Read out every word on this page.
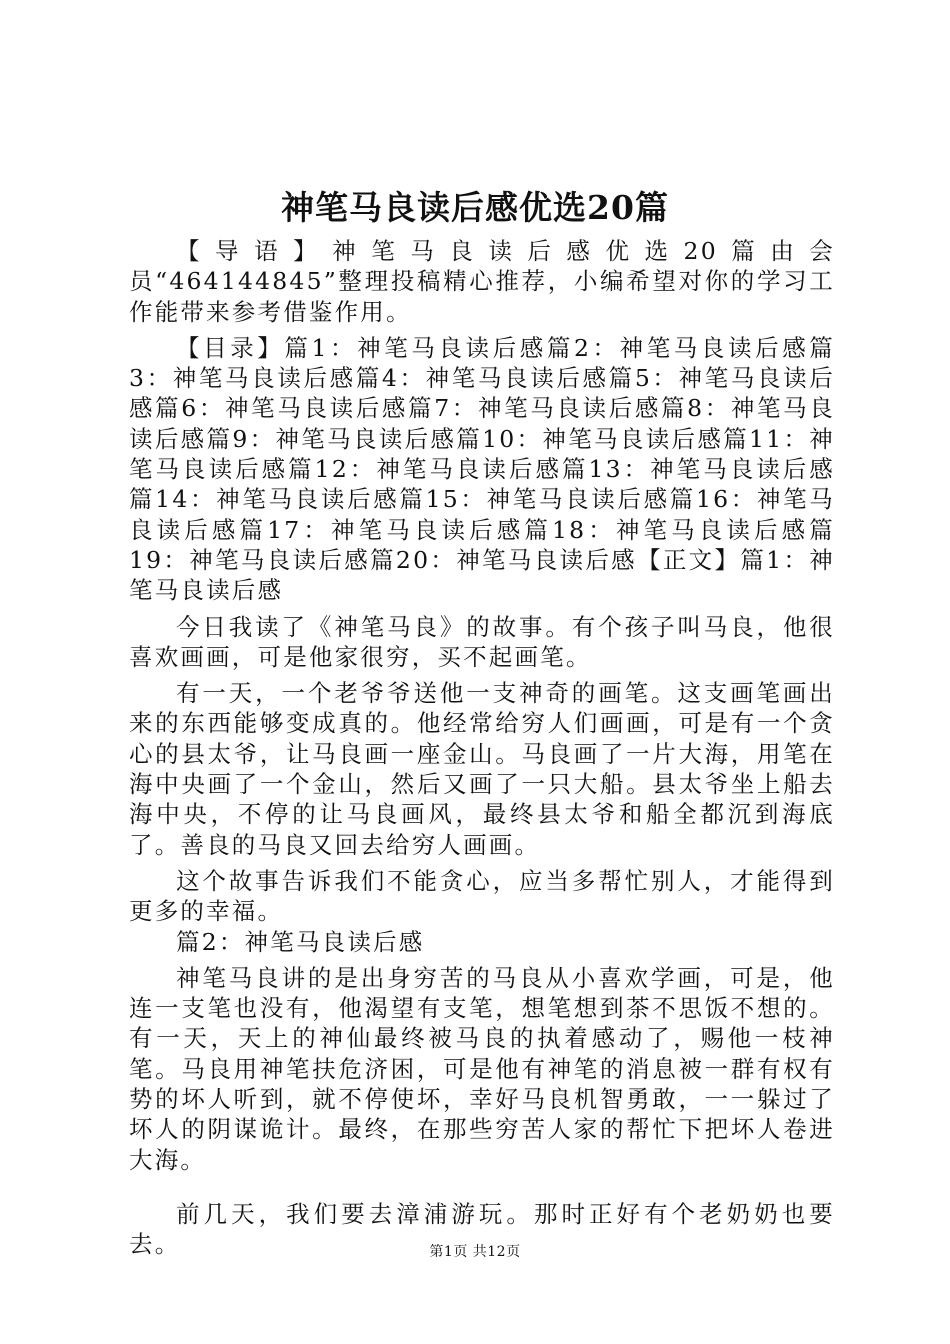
神笔马良读后感优选20篇

【导语】神笔马良读后感优选20篇由会员“464144845”整理投稿精心推荐，小编希望对你的学习工作能带来参考借鉴作用。

【目录】篇1：神笔马良读后感篇2：神笔马良读后感篇3：神笔马良读后感篇4：神笔马良读后感篇5：神笔马良读后感篇6：神笔马良读后感篇7：神笔马良读后感篇8：神笔马良读后感篇9：神笔马良读后感篇10：神笔马良读后感篇11：神笔马良读后感篇12：神笔马良读后感篇13：神笔马良读后感篇14：神笔马良读后感篇15：神笔马良读后感篇16：神笔马良读后感篇17：神笔马良读后感篇18：神笔马良读后感篇19：神笔马良读后感篇20：神笔马良读后感【正文】篇1：神笔马良读后感

今日我读了《神笔马良》的故事。有个孩子叫马良，他很喜欢画画，可是他家很穷，买不起画笔。

有一天，一个老爷爷送他一支神奇的画笔。这支画笔画出来的东西能够变成真的。他经常给穷人们画画，可是有一个贪心的县太爷，让马良画一座金山。马良画了一片大海，用笔在海中央画了一个金山，然后又画了一只大船。县太爷坐上船去海中央，不停的让马良画风，最终县太爷和船全都沉到海底了。善良的马良又回去给穷人画画。

这个故事告诉我们不能贪心，应当多帮忙别人，才能得到更多的幸福。

篇2：神笔马良读后感

神笔马良讲的是出身穷苦的马良从小喜欢学画，可是，他连一支笔也没有，他渴望有支笔，想笔想到茶不思饭不想的。有一天，天上的神仙最终被马良的执着感动了，赐他一枝神笔。马良用神笔扶危济困，可是他有神笔的消息被一群有权有势的坏人听到，就不停使坏，幸好马良机智勇敢，一一躲过了坏人的阴谋诡计。最终，在那些穷苦人家的帮忙下把坏人卷进大海。

前几天，我们要去漳浦游玩。那时正好有个老奶奶也要去。	第1页 共12页
